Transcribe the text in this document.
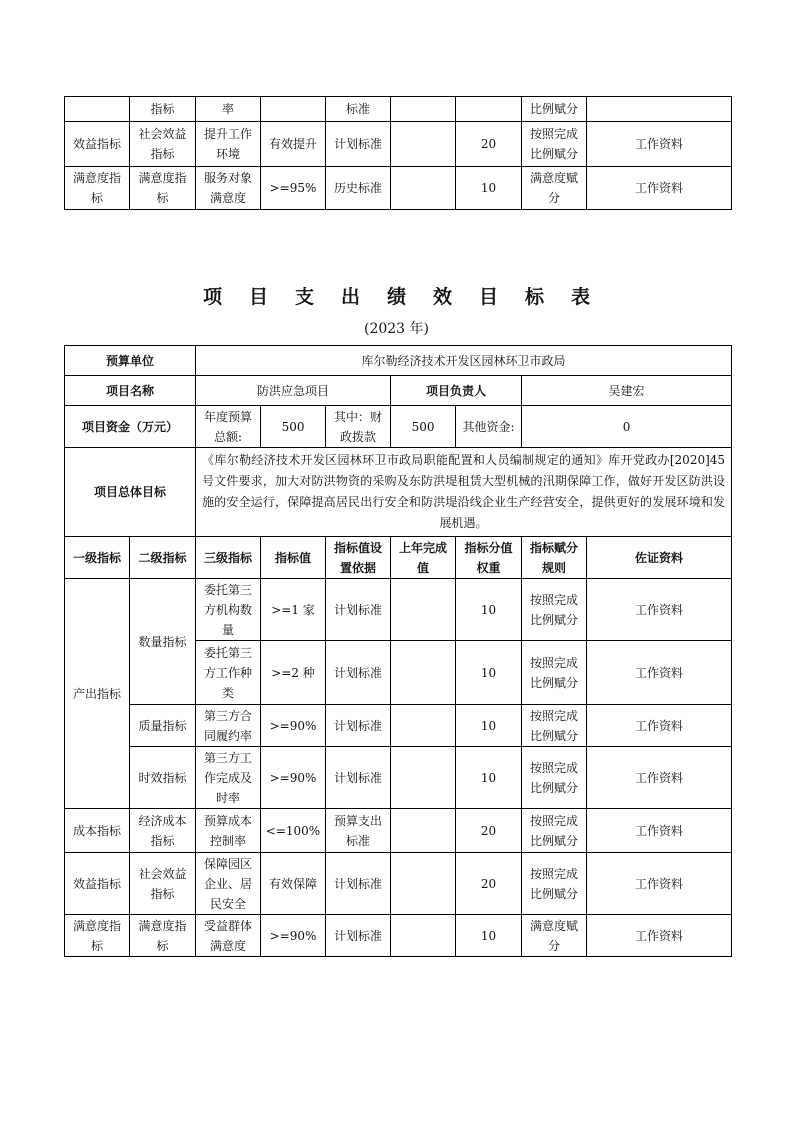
	指标	率		标准			比例赋分	
效益指标	社会效益指标	提升工作环境	有效提升	计划标准		20	按照完成比例赋分	工作资料
满意度指标	满意度指标	服务对象满意度	>=95%	历史标准		10	满意度赋分	工作资料
项目支出绩效目标表
(2023 年)
预算单位		库尔勒经济技术开发区园林环卫市政局						
项目名称		防洪应急项目			项目负责人		吴建宏	
项目资金（万元）		年度预算总额:	500	其中：财政拨款	500	其他资金:	0	
项目总体目标		《库尔勒经济技术开发区园林环卫市政局职能配置和人员编制规定的通知》库开党政办[2020]45 号文件要求，加大对防洪物资的采购及东防洪堤租赁大型机械的汛期保障工作，做好开发区防洪设施的安全运行，保障提高居民出行安全和防洪堤沿线企业生产经营安全，提供更好的发展环境和发展机遇。						
一级指标	二级指标	三级指标	指标值	指标值设置依据	上年完成值	指标分值权重	指标赋分规则	佐证资料
产出指标	数量指标	委托第三方机构数量	>=1 家	计划标准		10	按照完成比例赋分	工作资料
		委托第三方工作种类	>=2 种	计划标准		10	按照完成比例赋分	工作资料
	质量指标	第三方合同履约率	>=90%	计划标准		10	按照完成比例赋分	工作资料
	时效指标	第三方工作完成及时率	>=90%	计划标准		10	按照完成比例赋分	工作资料
成本指标	经济成本指标	预算成本控制率	<=100%	预算支出标准		20	按照完成比例赋分	工作资料
效益指标	社会效益指标	保障园区企业、居民安全	有效保障	计划标准		20	按照完成比例赋分	工作资料
满意度指标	满意度指标	受益群体满意度	>=90%	计划标准		10	满意度赋分	工作资料
